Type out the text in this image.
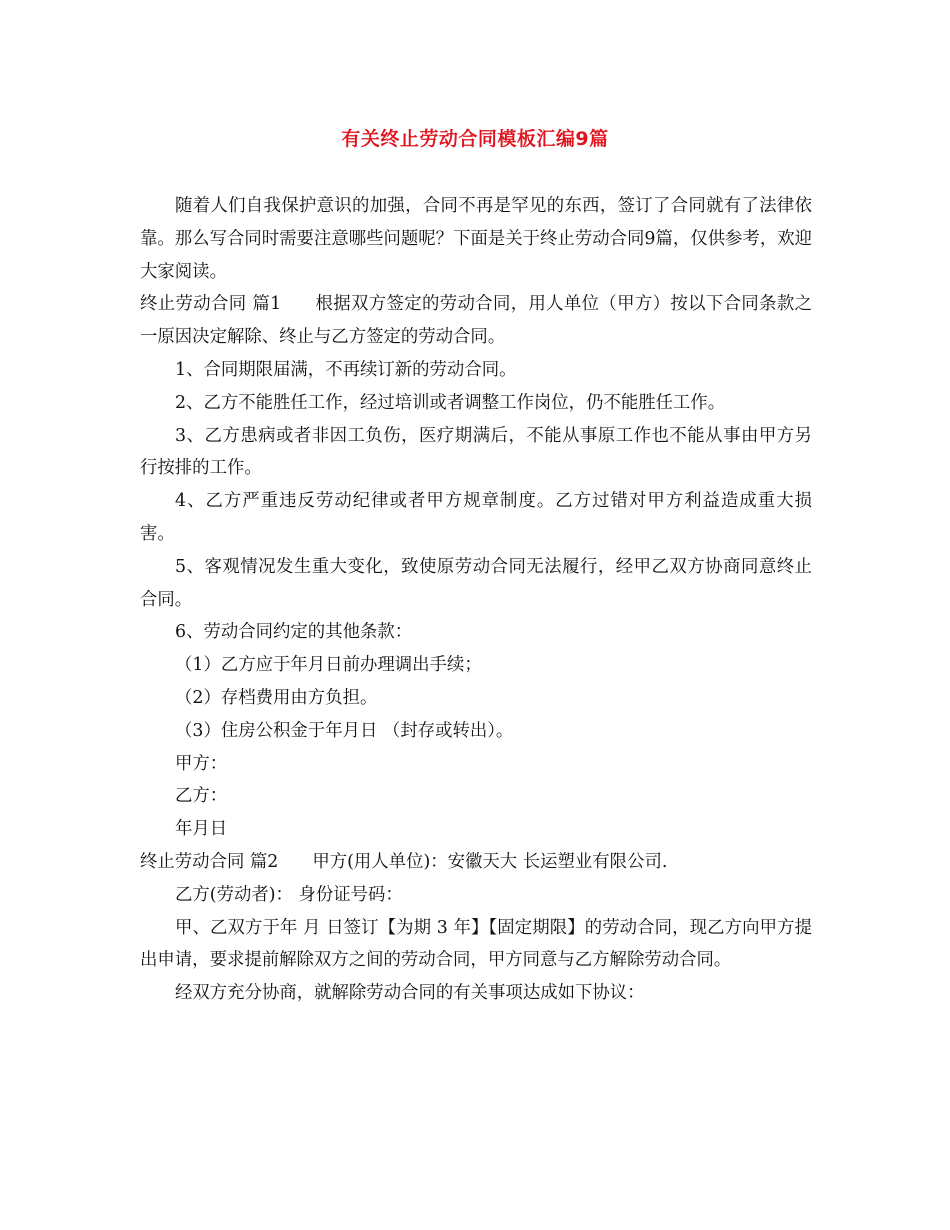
有关终止劳动合同模板汇编9篇

随着人们自我保护意识的加强，合同不再是罕见的东西，签订了合同就有了法律依靠。那么写合同时需要注意哪些问题呢？下面是关于终止劳动合同9篇，仅供参考，欢迎大家阅读。

终止劳动合同 篇1 根据双方签定的劳动合同，用人单位（甲方）按以下合同条款之一原因决定解除、终止与乙方签定的劳动合同。

1、合同期限届满，不再续订新的劳动合同。

2、乙方不能胜任工作，经过培训或者调整工作岗位，仍不能胜任工作。

3、乙方患病或者非因工负伤，医疗期满后，不能从事原工作也不能从事由甲方另行按排的工作。

4、乙方严重违反劳动纪律或者甲方规章制度。乙方过错对甲方利益造成重大损害。

5、客观情况发生重大变化，致使原劳动合同无法履行，经甲乙双方协商同意终止合同。

6、劳动合同约定的其他条款：

（1）乙方应于年月日前办理调出手续；

（2）存档费用由方负担。

（3）住房公积金于年月日 （封存或转出）。

甲方：

乙方：

年月日

终止劳动合同 篇2 甲方(用人单位)：安徽天大 长运塑业有限公司.

乙方(劳动者)： 身份证号码：

甲、乙双方于年 月 日签订【为期 3 年】【固定期限】的劳动合同，现乙方向甲方提出申请，要求提前解除双方之间的劳动合同，甲方同意与乙方解除劳动合同。

经双方充分协商，就解除劳动合同的有关事项达成如下协议：
